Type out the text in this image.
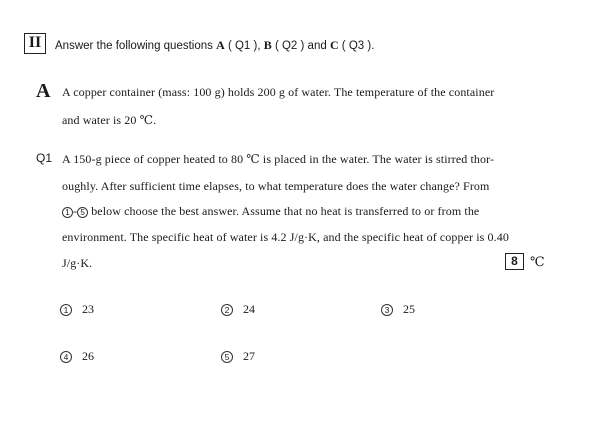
II	Answer the following questions A ( Q1 ), B ( Q2 ) and C ( Q3 ).
A A copper container (mass: 100 g) holds 200 g of water. The temperature of the container
and water is 20 ℃.
Q1 A 150-g piece of copper heated to 80 ℃ is placed in the water. The water is stirred thor-
oughly. After sufficient time elapses, to what temperature does the water change? From
1 - 5 below choose the best answer. Assume that no heat is transferred to or from the
environment. The specific heat of water is 4.2 J/g·K, and the specific heat of copper is 0.40
J/g·K.	8 ℃
1 23	2 24	3 25
4 26	5 27
